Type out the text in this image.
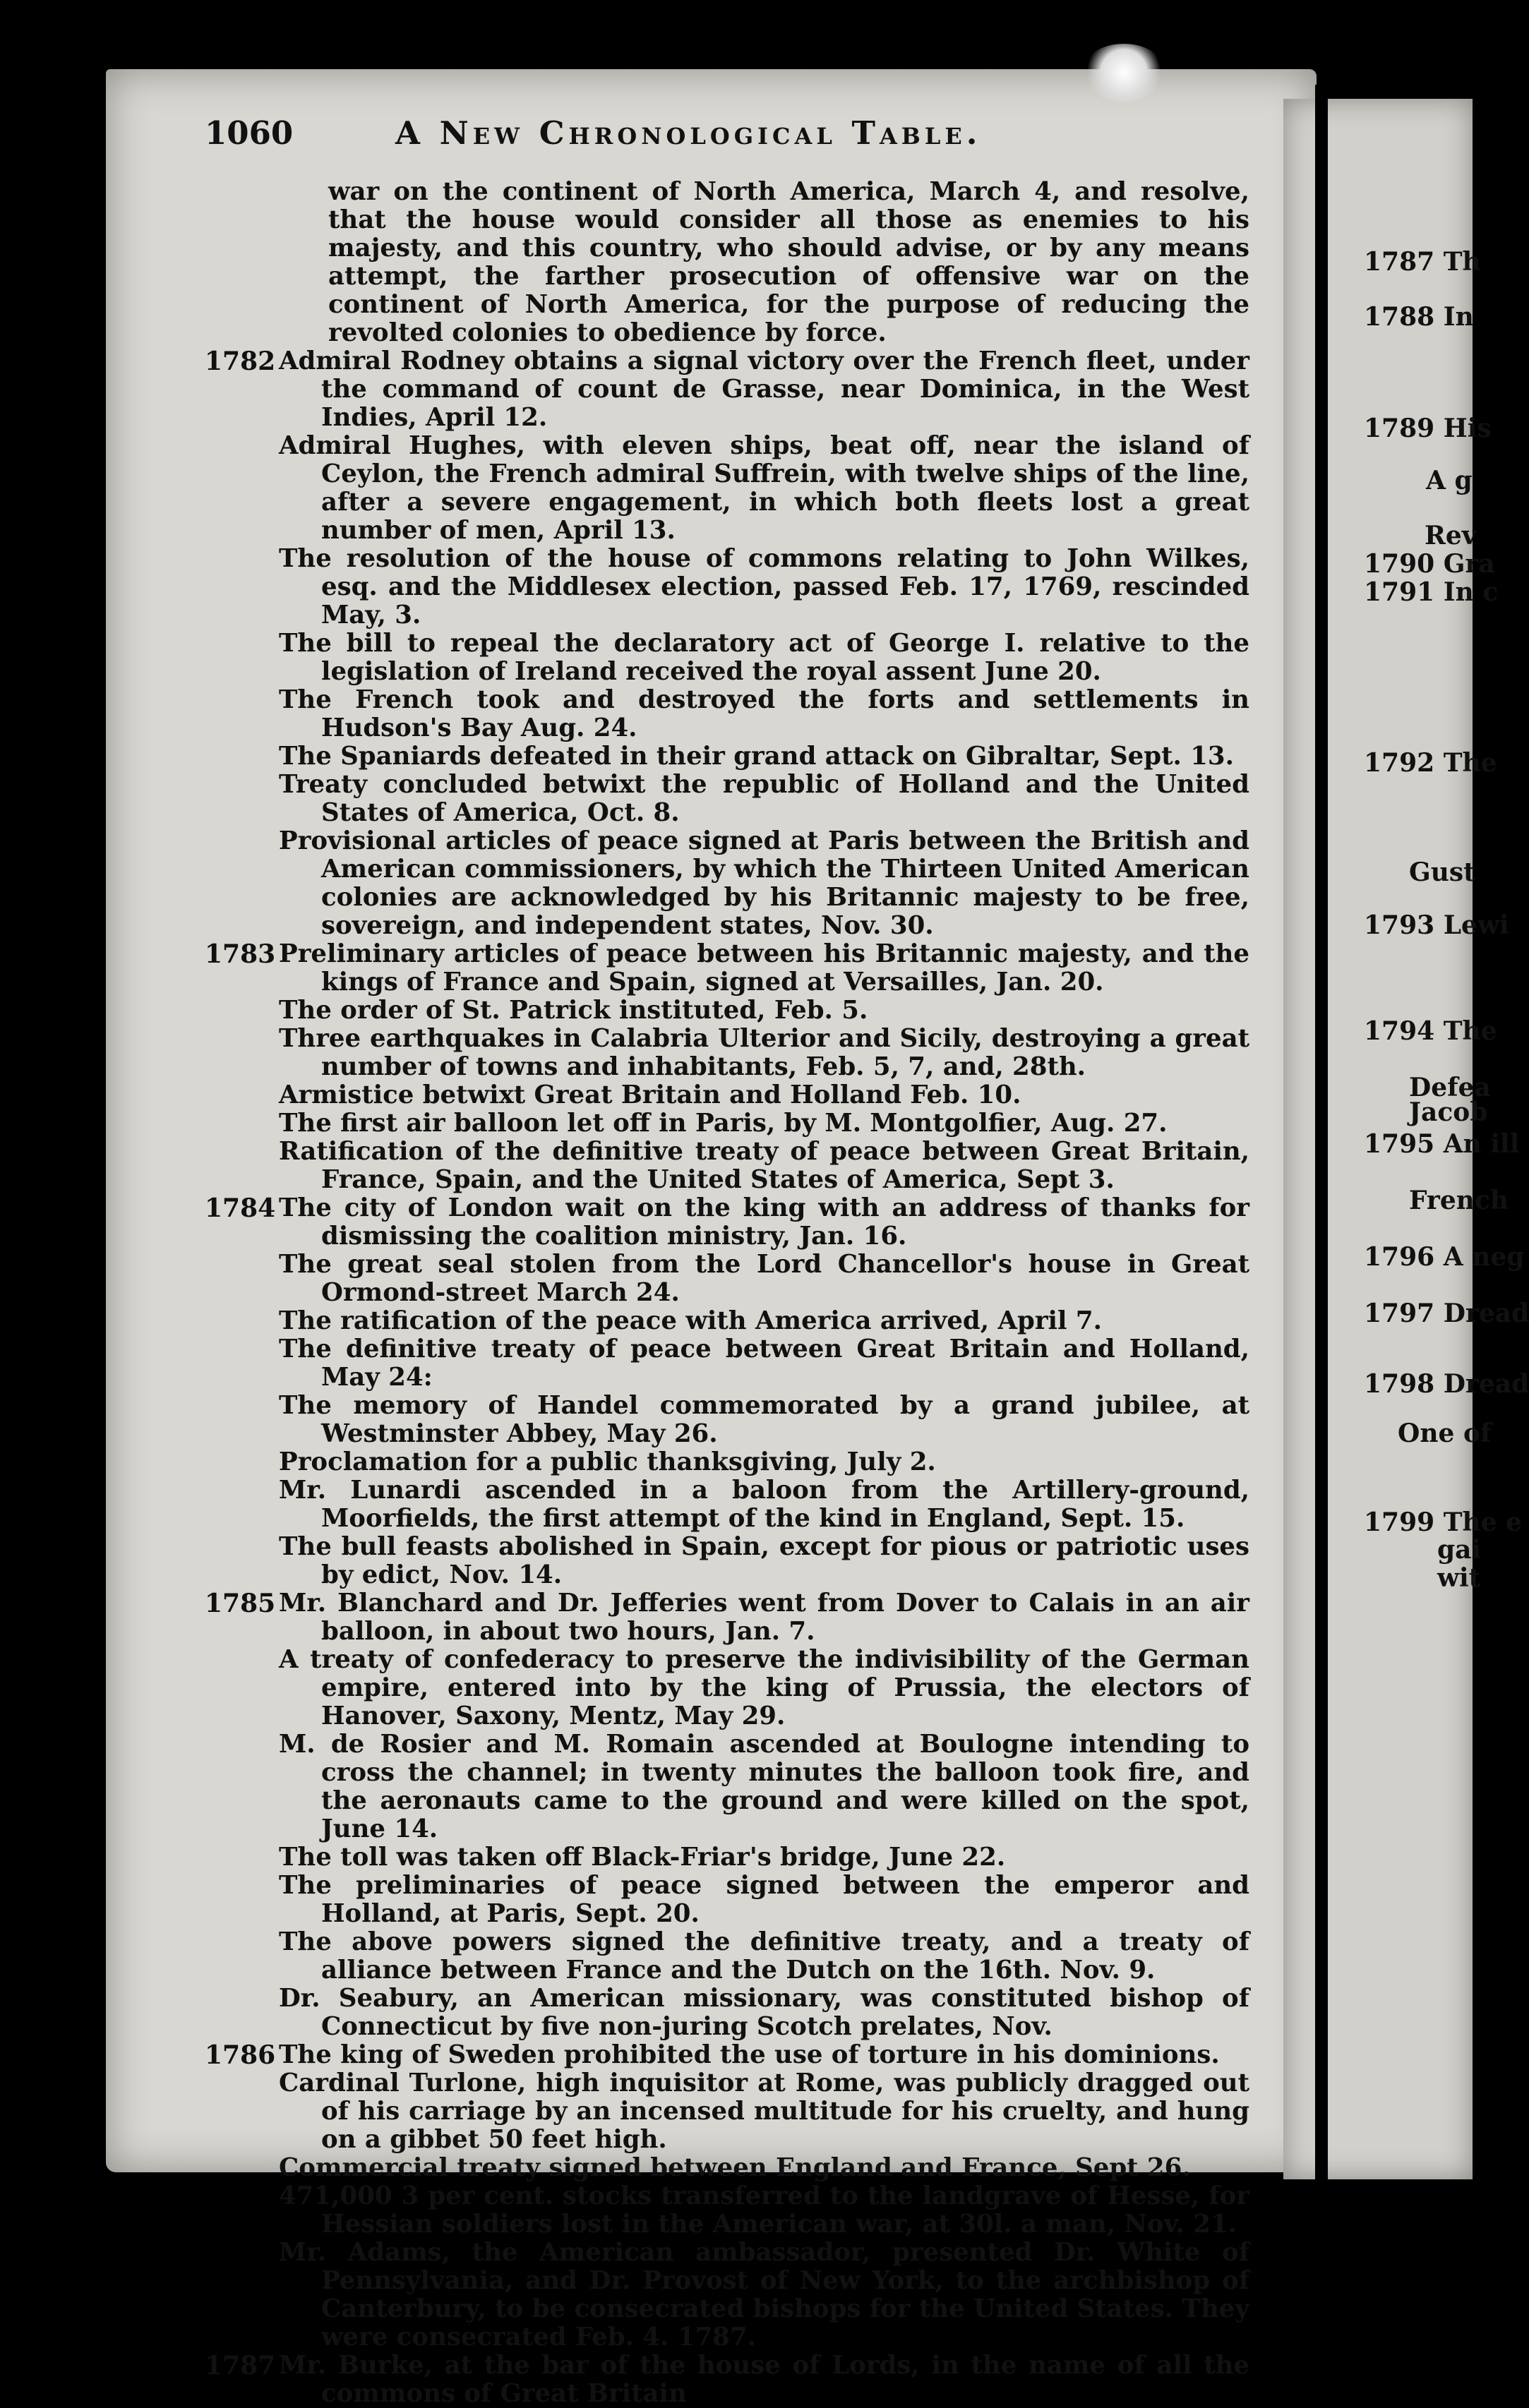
1060	A New Chronological Table.
war on the continent of North America, March 4, and resolve, that the house would consider all those as enemies to his majesty, and this country, who should advise, or by any means attempt, the farther prosecution of offensive war on the continent of North America, for the purpose of reducing the revolted colonies to obedience by force.
1782 Admiral Rodney obtains a signal victory over the French fleet, under the command of count de Grasse, near Dominica, in the West Indies, April 12.
Admiral Hughes, with eleven ships, beat off, near the island of Ceylon, the French admiral Suffrein, with twelve ships of the line, after a severe engagement, in which both fleets lost a great number of men, April 13.
The resolution of the house of commons relating to John Wilkes, esq. and the Middlesex election, passed Feb. 17, 1769, rescinded May, 3.
The bill to repeal the declaratory act of George I. relative to the legislation of Ireland received the royal assent June 20.
The French took and destroyed the forts and settlements in Hudson's Bay Aug. 24.
The Spaniards defeated in their grand attack on Gibraltar, Sept. 13.
Treaty concluded betwixt the republic of Holland and the United States of America, Oct. 8.
Provisional articles of peace signed at Paris between the British and American commissioners, by which the Thirteen United American colonies are acknowledged by his Britannic majesty to be free, sovereign, and independent states, Nov. 30.
1783 Preliminary articles of peace between his Britannic majesty, and the kings of France and Spain, signed at Versailles, Jan. 20.
The order of St. Patrick instituted, Feb. 5.
Three earthquakes in Calabria Ulterior and Sicily, destroying a great number of towns and inhabitants, Feb. 5, 7, and, 28th.
Armistice betwixt Great Britain and Holland Feb. 10.
The first air balloon let off in Paris, by M. Montgolfier, Aug. 27.
Ratification of the definitive treaty of peace between Great Britain, France, Spain, and the United States of America, Sept 3.
1784 The city of London wait on the king with an address of thanks for dismissing the coalition ministry, Jan. 16.
The great seal stolen from the Lord Chancellor's house in Great Ormond-street March 24.
The ratification of the peace with America arrived, April 7.
The definitive treaty of peace between Great Britain and Holland, May 24:
The memory of Handel commemorated by a grand jubilee, at Westminster Abbey, May 26.
Proclamation for a public thanksgiving, July 2.
Mr. Lunardi ascended in a baloon from the Artillery-ground, Moorfields, the first attempt of the kind in England, Sept. 15.
The bull feasts abolished in Spain, except for pious or patriotic uses by edict, Nov. 14.
1785 Mr. Blanchard and Dr. Jefferies went from Dover to Calais in an air balloon, in about two hours, Jan. 7.
A treaty of confederacy to preserve the indivisibility of the German empire, entered into by the king of Prussia, the electors of Hanover, Saxony, Mentz, May 29.
M. de Rosier and M. Romain ascended at Boulogne intending to cross the channel; in twenty minutes the balloon took fire, and the aeronauts came to the ground and were killed on the spot, June 14.
The toll was taken off Black-Friar's bridge, June 22.
The preliminaries of peace signed between the emperor and Holland, at Paris, Sept. 20.
The above powers signed the definitive treaty, and a treaty of alliance between France and the Dutch on the 16th. Nov. 9.
Dr. Seabury, an American missionary, was constituted bishop of Connecticut by five non-juring Scotch prelates, Nov.
1786 The king of Sweden prohibited the use of torture in his dominions.
Cardinal Turlone, high inquisitor at Rome, was publicly dragged out of his carriage by an incensed multitude for his cruelty, and hung on a gibbet 50 feet high.
Commercial treaty signed between England and France, Sept 26.
471,000 3 per cent. stocks transferred to the landgrave of Hesse, for Hessian soldiers lost in the American war, at 30l. a man, Nov. 21.
Mr. Adams, the American ambassador, presented Dr. White of Pennsylvania, and Dr. Provost of New York, to the archbishop of Canterbury, to be consecrated bishops for the United States. They were consecrated Feb. 4. 1787.
1787 Mr. Burke, at the bar of the house of Lords, in the name of all the commons of Great Britain
1787 Th
1788 In
1789 His
A g
Rev
1790 Gra
1791 In c
1792 The
Gust
1793 Lewi
1794 The
Defea
Jacob
1795 An ill
French
1796 A neg
1797 Dread
1798 Dread
One of
1799 The e
gai
wit
